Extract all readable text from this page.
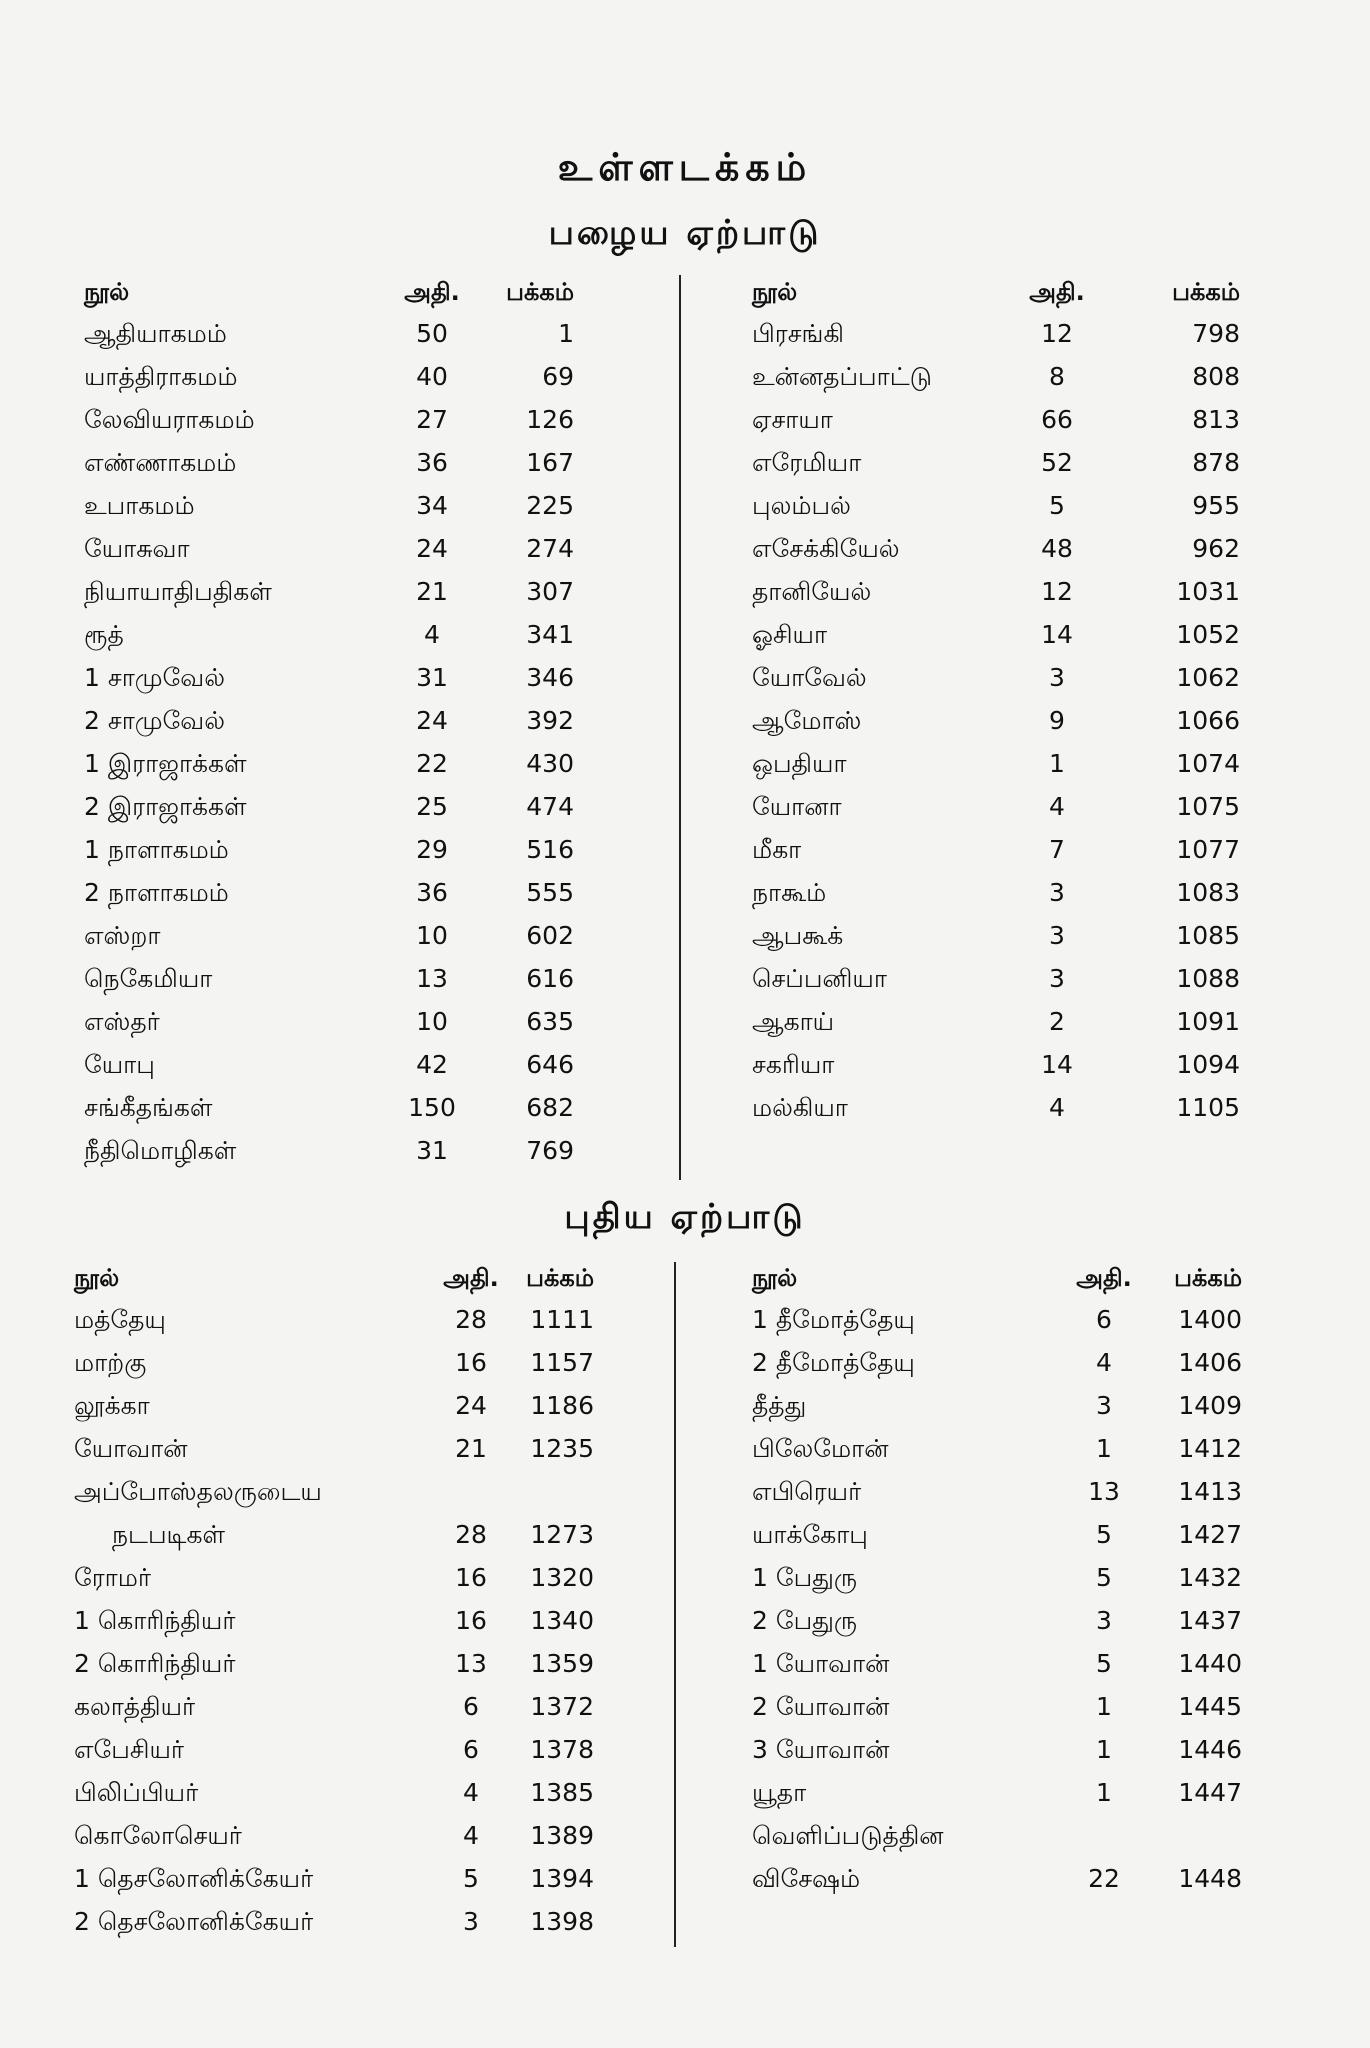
உள்ளடக்கம்
பழைய ஏற்பாடு
நூல்	அதி.	பக்கம்
ஆதியாகமம்	50	1
யாத்திராகமம்	40	69
லேவியராகமம்	27	126
எண்ணாகமம்	36	167
உபாகமம்	34	225
யோசுவா	24	274
நியாயாதிபதிகள்	21	307
ரூத்	4	341
1 சாமுவேல்	31	346
2 சாமுவேல்	24	392
1 இராஜாக்கள்	22	430
2 இராஜாக்கள்	25	474
1 நாளாகமம்	29	516
2 நாளாகமம்	36	555
எஸ்றா	10	602
நெகேமியா	13	616
எஸ்தர்	10	635
யோபு	42	646
சங்கீதங்கள்	150	682
நீதிமொழிகள்	31	769
நூல்	அதி.	பக்கம்
பிரசங்கி	12	798
உன்னதப்பாட்டு	8	808
ஏசாயா	66	813
எரேமியா	52	878
புலம்பல்	5	955
எசேக்கியேல்	48	962
தானியேல்	12	1031
ஓசியா	14	1052
யோவேல்	3	1062
ஆமோஸ்	9	1066
ஒபதியா	1	1074
யோனா	4	1075
மீகா	7	1077
நாகூம்	3	1083
ஆபகூக்	3	1085
செப்பனியா	3	1088
ஆகாய்	2	1091
சகரியா	14	1094
மல்கியா	4	1105
புதிய ஏற்பாடு
நூல்	அதி.	பக்கம்
மத்தேயு	28	1111
மாற்கு	16	1157
லூக்கா	24	1186
யோவான்	21	1235
அப்போஸ்தலருடைய
நடபடிகள்	28	1273
ரோமர்	16	1320
1 கொரிந்தியர்	16	1340
2 கொரிந்தியர்	13	1359
கலாத்தியர்	6	1372
எபேசியர்	6	1378
பிலிப்பியர்	4	1385
கொலோசெயர்	4	1389
1 தெசலோனிக்கேயர்	5	1394
2 தெசலோனிக்கேயர்	3	1398
நூல்	அதி.	பக்கம்
1 தீமோத்தேயு	6	1400
2 தீமோத்தேயு	4	1406
தீத்து	3	1409
பிலேமோன்	1	1412
எபிரெயர்	13	1413
யாக்கோபு	5	1427
1 பேதுரு	5	1432
2 பேதுரு	3	1437
1 யோவான்	5	1440
2 யோவான்	1	1445
3 யோவான்	1	1446
யூதா	1	1447
வெளிப்படுத்தின
விசேஷம்	22	1448
